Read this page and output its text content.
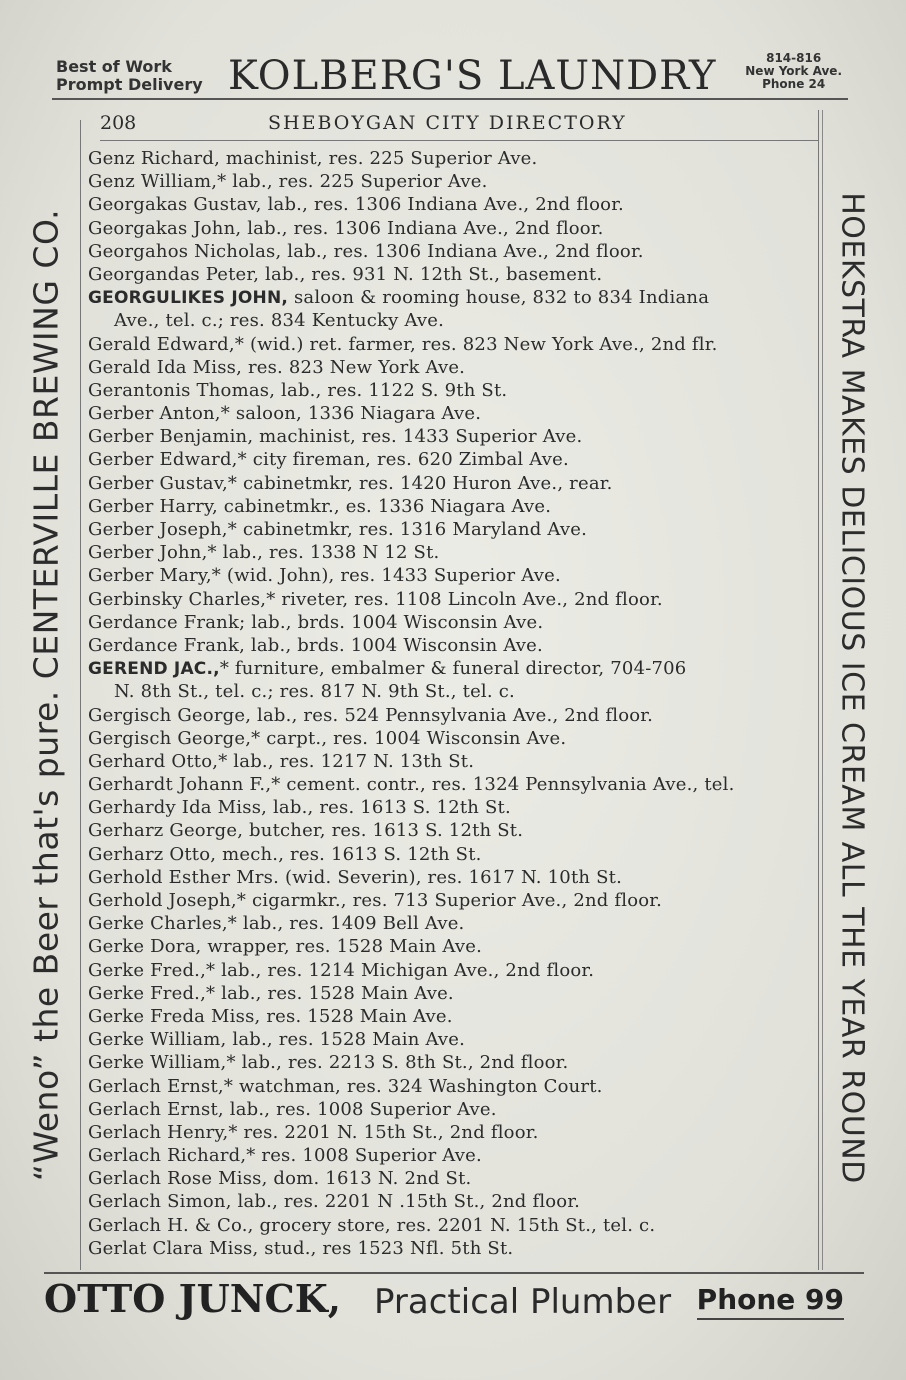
Best of Work
Prompt Delivery KOLBERG'S LAUNDRY	814-816
New York Ave.
Phone 24
208	SHEBOYGAN CITY DIRECTORY
“Weno” the Beer that's pure. CENTERVILLE BREWING CO.	HOEKSTRA MAKES DELICIOUS ICE CREAM ALL THE YEAR ROUND
Genz Richard, machinist, res. 225 Superior Ave.
Genz William,* lab., res. 225 Superior Ave.
Georgakas Gustav, lab., res. 1306 Indiana Ave., 2nd floor.
Georgakas John, lab., res. 1306 Indiana Ave., 2nd floor.
Georgahos Nicholas, lab., res. 1306 Indiana Ave., 2nd floor.
Georgandas Peter, lab., res. 931 N. 12th St., basement.
GEORGULIKES JOHN, saloon & rooming house, 832 to 834 Indiana
Ave., tel. c.; res. 834 Kentucky Ave.
Gerald Edward,* (wid.) ret. farmer, res. 823 New York Ave., 2nd flr.
Gerald Ida Miss, res. 823 New York Ave.
Gerantonis Thomas, lab., res. 1122 S. 9th St.
Gerber Anton,* saloon, 1336 Niagara Ave.
Gerber Benjamin, machinist, res. 1433 Superior Ave.
Gerber Edward,* city fireman, res. 620 Zimbal Ave.
Gerber Gustav,* cabinetmkr, res. 1420 Huron Ave., rear.
Gerber Harry, cabinetmkr., es. 1336 Niagara Ave.
Gerber Joseph,* cabinetmkr, res. 1316 Maryland Ave.
Gerber John,* lab., res. 1338 N 12 St.
Gerber Mary,* (wid. John), res. 1433 Superior Ave.
Gerbinsky Charles,* riveter, res. 1108 Lincoln Ave., 2nd floor.
Gerdance Frank; lab., brds. 1004 Wisconsin Ave.
Gerdance Frank, lab., brds. 1004 Wisconsin Ave.
GEREND JAC.,* furniture, embalmer & funeral director, 704-706
N. 8th St., tel. c.; res. 817 N. 9th St., tel. c.
Gergisch George, lab., res. 524 Pennsylvania Ave., 2nd floor.
Gergisch George,* carpt., res. 1004 Wisconsin Ave.
Gerhard Otto,* lab., res. 1217 N. 13th St.
Gerhardt Johann F.,* cement. contr., res. 1324 Pennsylvania Ave., tel.
Gerhardy Ida Miss, lab., res. 1613 S. 12th St.
Gerharz George, butcher, res. 1613 S. 12th St.
Gerharz Otto, mech., res. 1613 S. 12th St.
Gerhold Esther Mrs. (wid. Severin), res. 1617 N. 10th St.
Gerhold Joseph,* cigarmkr., res. 713 Superior Ave., 2nd floor.
Gerke Charles,* lab., res. 1409 Bell Ave.
Gerke Dora, wrapper, res. 1528 Main Ave.
Gerke Fred.,* lab., res. 1214 Michigan Ave., 2nd floor.
Gerke Fred.,* lab., res. 1528 Main Ave.
Gerke Freda Miss, res. 1528 Main Ave.
Gerke William, lab., res. 1528 Main Ave.
Gerke William,* lab., res. 2213 S. 8th St., 2nd floor.
Gerlach Ernst,* watchman, res. 324 Washington Court.
Gerlach Ernst, lab., res. 1008 Superior Ave.
Gerlach Henry,* res. 2201 N. 15th St., 2nd floor.
Gerlach Richard,* res. 1008 Superior Ave.
Gerlach Rose Miss, dom. 1613 N. 2nd St.
Gerlach Simon, lab., res. 2201 N .15th St., 2nd floor.
Gerlach H. & Co., grocery store, res. 2201 N. 15th St., tel. c.
Gerlat Clara Miss, stud., res 1523 Nfl. 5th St.
OTTO JUNCK, Practical Plumber Phone 99
